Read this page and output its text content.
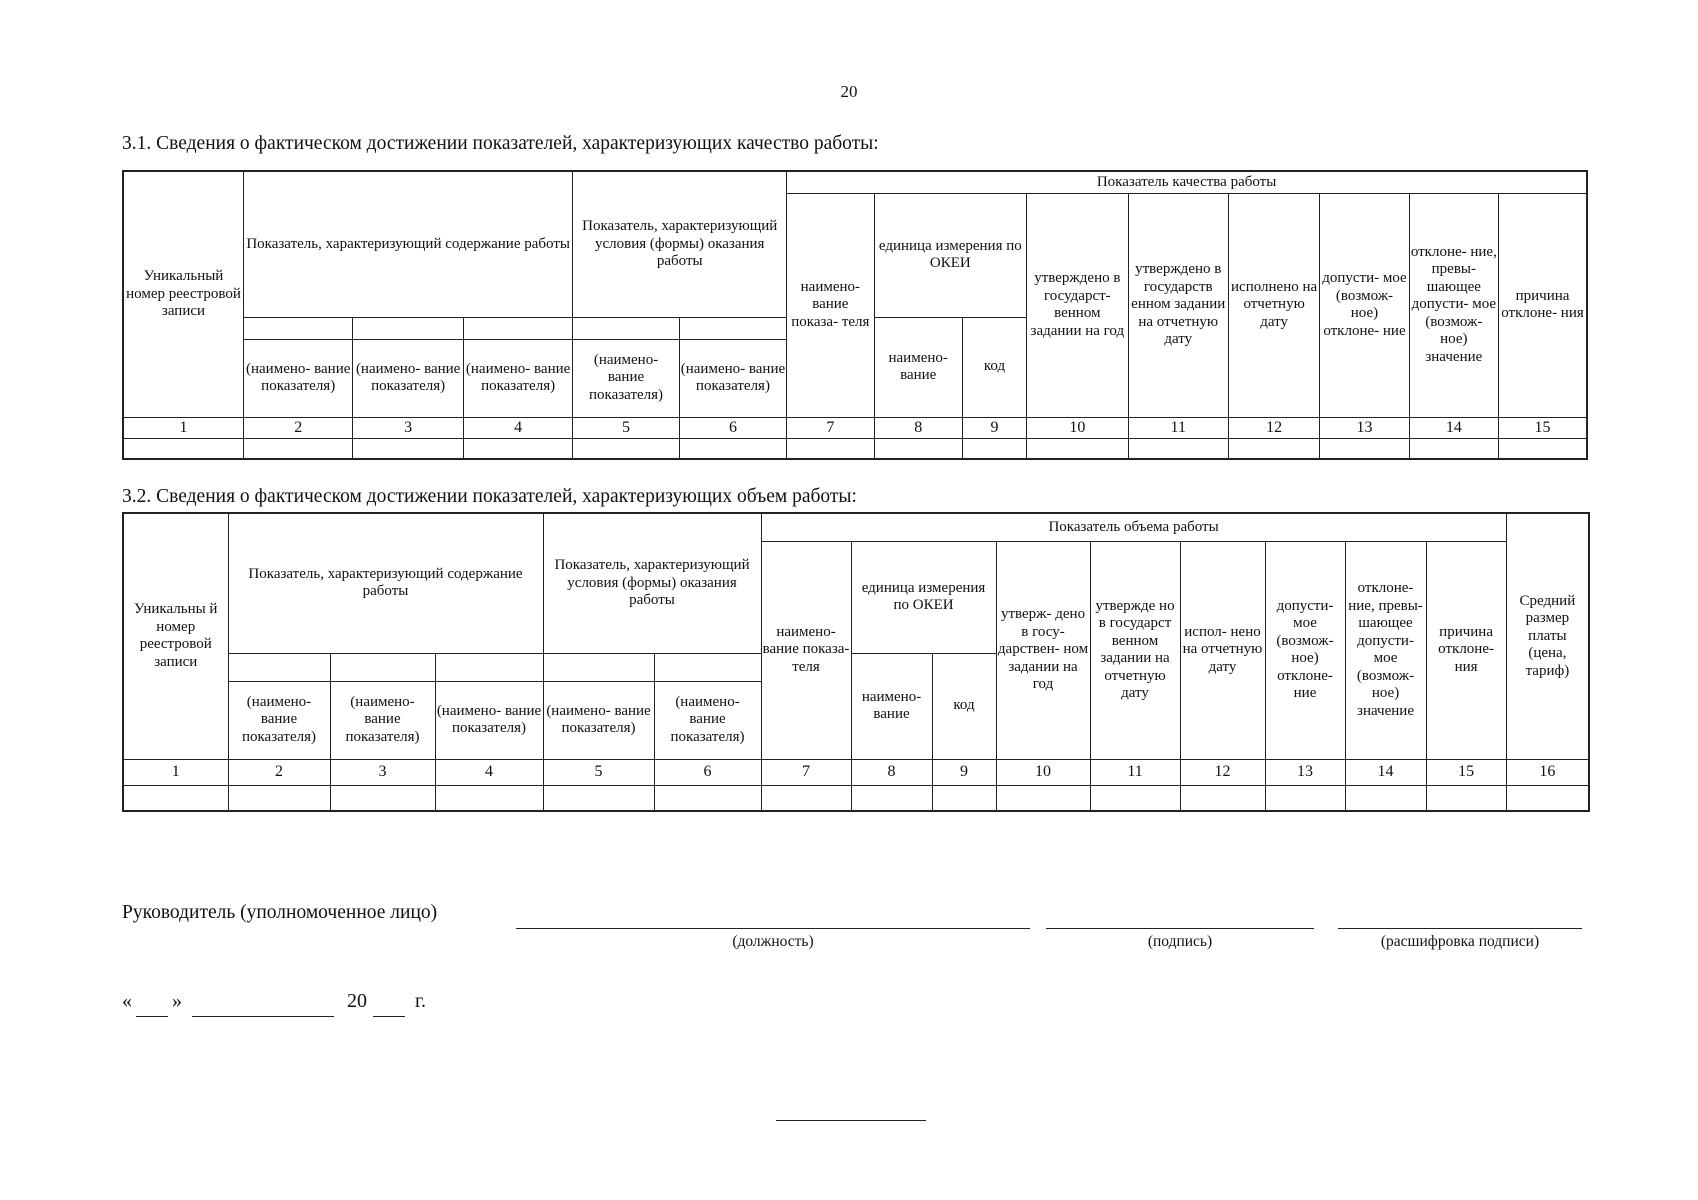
20
3.1. Сведения о фактическом достижении показателей, характеризующих качество работы:
Уникальный номер реестровой записи	Показатель, характеризующий содержание работы			Показатель, характеризующий условия (формы) оказания работы		Показатель качества работы								
						наимено- вание показа- теля	единица измерения по ОКЕИ		утверждено в государст- венном задании на год	утверждено в государств енном задании на отчетную дату	исполнено на отчетную дату	допусти- мое (возмож- ное) отклоне- ние	отклоне- ние, превы- шающее допусти- мое (возмож- ное) значение	причина отклоне- ния
							наимено- вание	код						
	(наимено- вание показателя)	(наимено- вание показателя)	(наимено- вание показателя)	(наимено- вание показателя)	(наимено- вание показателя)									
1	2	3	4	5	6	7	8	9	10	11	12	13	14	15

3.2. Сведения о фактическом достижении показателей, характеризующих объем работы:
Уникальны й номер реестровой записи	Показатель, характеризующий содержание работы			Показатель, характеризующий условия (формы) оказания работы		Показатель объема работы									Средний размер платы (цена, тариф)
						наимено- вание показа- теля	единица измерения по ОКЕИ		утверж- дено в госу- дарствен- ном задании на год	утвержде но в государст венном задании на отчетную дату	испол- нено на отчетную дату	допусти- мое (возмож- ное) отклоне- ние	отклоне- ние, превы- шающее допусти- мое (возмож- ное) значение	причина отклоне- ния	
							наимено- вание	код							
	(наимено- вание показателя)	(наимено- вание показателя)	(наимено- вание показателя)	(наимено- вание показателя)	(наимено- вание показателя)										
1	2	3	4	5	6	7	8	9	10	11	12	13	14	15	16

Руководитель (уполномоченное лицо)
(должность)	(подпись)	(расшифровка подписи)
« »	20 г.
